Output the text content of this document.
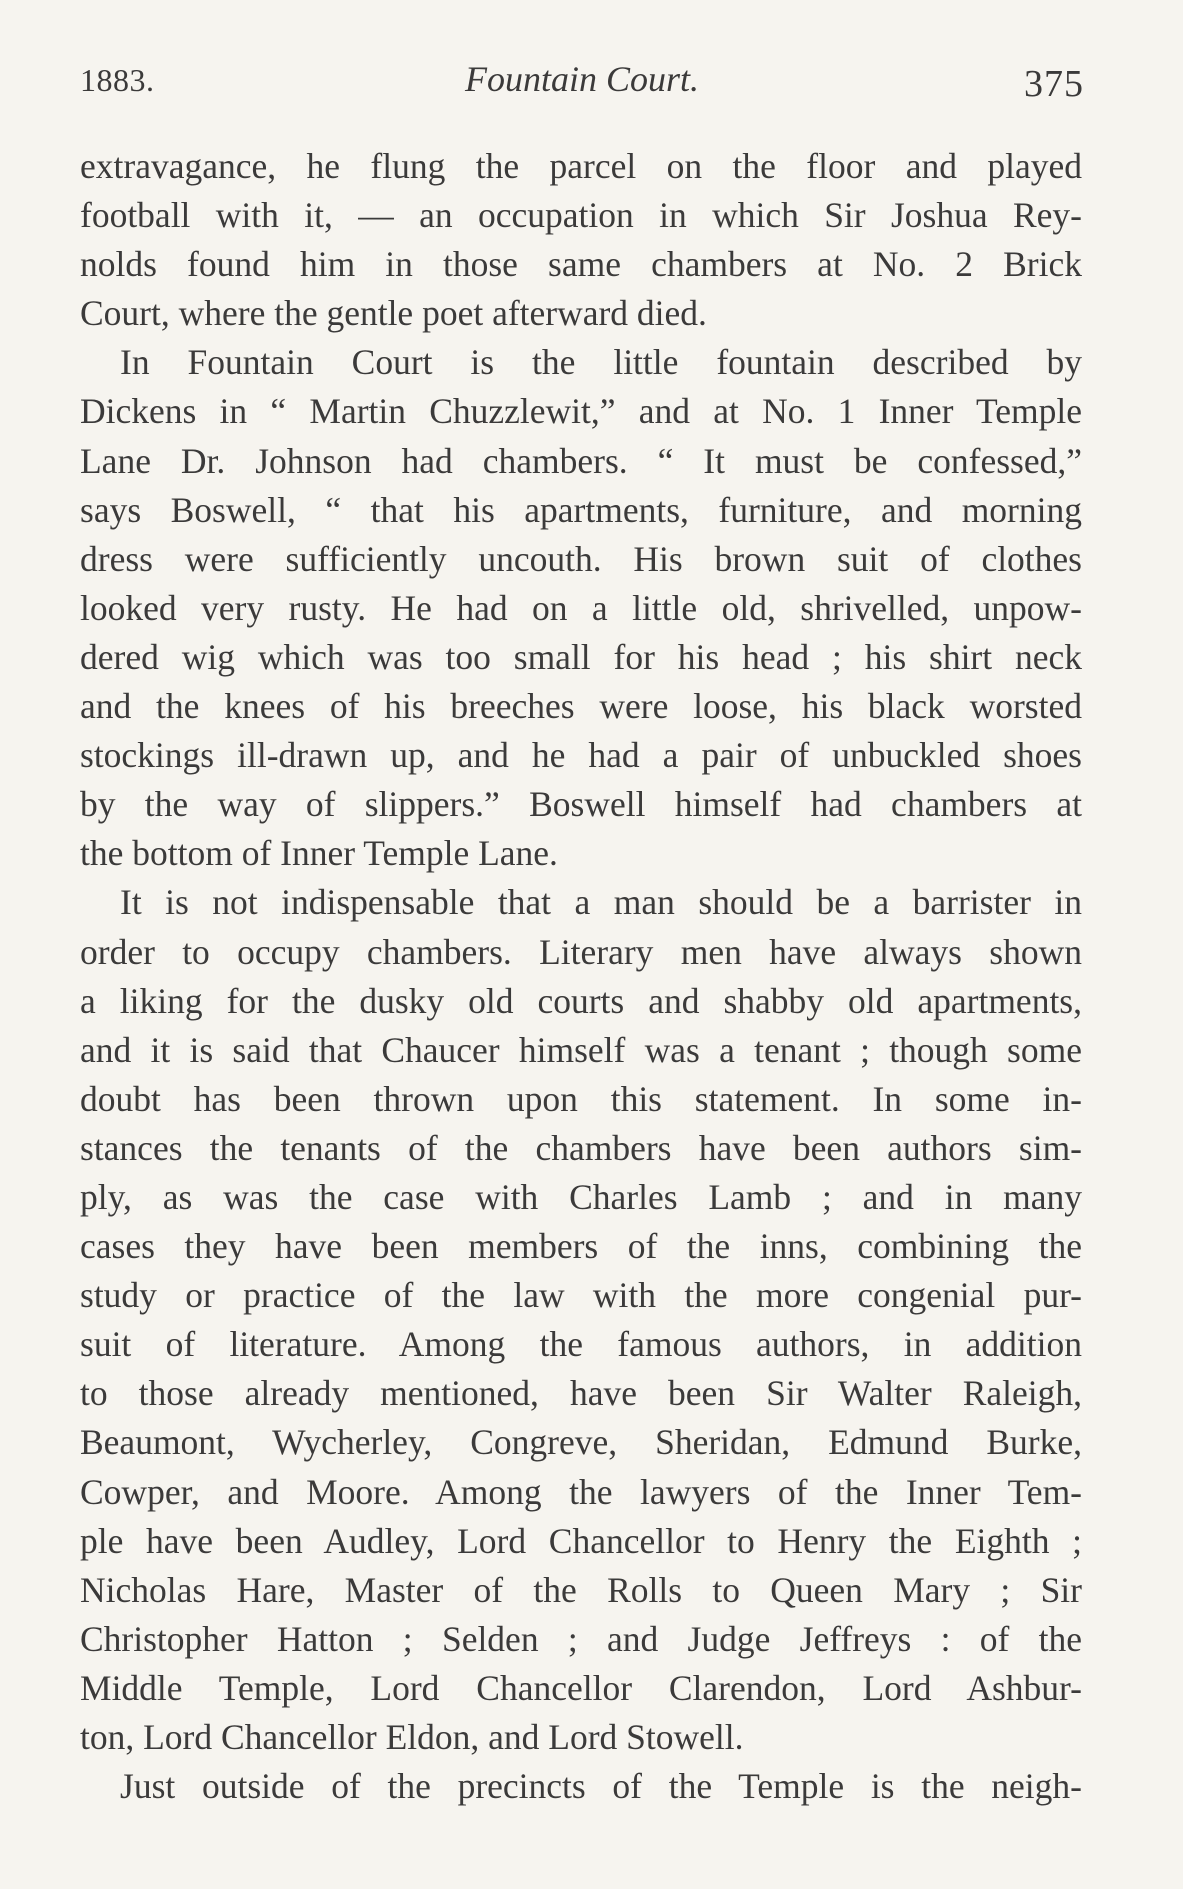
1883.	Fountain Court.	375
extravagance, he flung the parcel on the floor and played
football with it, — an occupation in which Sir Joshua Rey-
nolds found him in those same chambers at No. 2 Brick
Court, where the gentle poet afterward died.
In Fountain Court is the little fountain described by
Dickens in “ Martin Chuzzlewit,” and at No. 1 Inner Temple
Lane Dr. Johnson had chambers. “ It must be confessed,”
says Boswell, “ that his apartments, furniture, and morning
dress were sufficiently uncouth. His brown suit of clothes
looked very rusty. He had on a little old, shrivelled, unpow-
dered wig which was too small for his head ; his shirt neck
and the knees of his breeches were loose, his black worsted
stockings ill-drawn up, and he had a pair of unbuckled shoes
by the way of slippers.” Boswell himself had chambers at
the bottom of Inner Temple Lane.
It is not indispensable that a man should be a barrister in
order to occupy chambers. Literary men have always shown
a liking for the dusky old courts and shabby old apartments,
and it is said that Chaucer himself was a tenant ; though some
doubt has been thrown upon this statement. In some in-
stances the tenants of the chambers have been authors sim-
ply, as was the case with Charles Lamb ; and in many
cases they have been members of the inns, combining the
study or practice of the law with the more congenial pur-
suit of literature. Among the famous authors, in addition
to those already mentioned, have been Sir Walter Raleigh,
Beaumont, Wycherley, Congreve, Sheridan, Edmund Burke,
Cowper, and Moore. Among the lawyers of the Inner Tem-
ple have been Audley, Lord Chancellor to Henry the Eighth ;
Nicholas Hare, Master of the Rolls to Queen Mary ; Sir
Christopher Hatton ; Selden ; and Judge Jeffreys : of the
Middle Temple, Lord Chancellor Clarendon, Lord Ashbur-
ton, Lord Chancellor Eldon, and Lord Stowell.
Just outside of the precincts of the Temple is the neigh-
